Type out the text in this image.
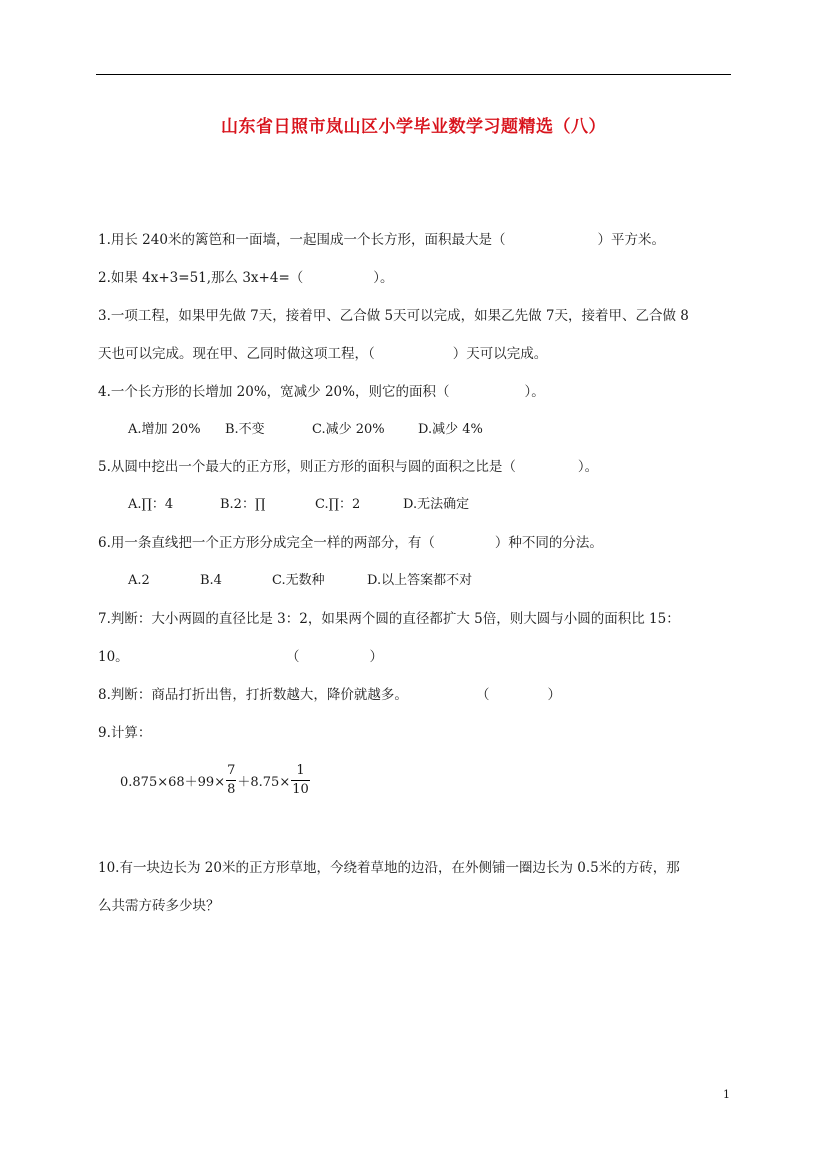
山东省日照市岚山区小学毕业数学习题精选（八）
1.用长 240米的篱笆和一面墙，一起围成一个长方形，面积最大是（	）平方米。
2.如果 4x+3=51,那么 3x+4=（	）。
3.一项工程，如果甲先做 7天，接着甲、乙合做 5天可以完成，如果乙先做 7天，接着甲、乙合做 8
天也可以完成。现在甲、乙同时做这项工程，（	）天可以完成。
4.一个长方形的长增加 20%，宽减少 20%，则它的面积（	）。
A.增加 20% B.不变	C.减少 20%	D.减少 4%
5.从圆中挖出一个最大的正方形，则正方形的面积与圆的面积之比是（	）。
A.∏：4	B.2：∏	C.∏：2	D.无法确定
6.用一条直线把一个正方形分成完全一样的两部分，有（	）种不同的分法。
A.2	B.4	C.无数种	D.以上答案都不对
7.判断：大小两圆的直径比是 3：2，如果两个圆的直径都扩大 5倍，则大圆与小圆的面积比 15：
10。	（	）
8.判断：商品打折出售，打折数越大，降价就越多。	（	）
9.计算：
$0.875\times 68+99\times \frac{7}{8} +8.75\times \frac{1}{10}$
10.有一块边长为 20米的正方形草地，今绕着草地的边沿，在外侧铺一圈边长为 0.5米的方砖，那
么共需方砖多少块？
1
